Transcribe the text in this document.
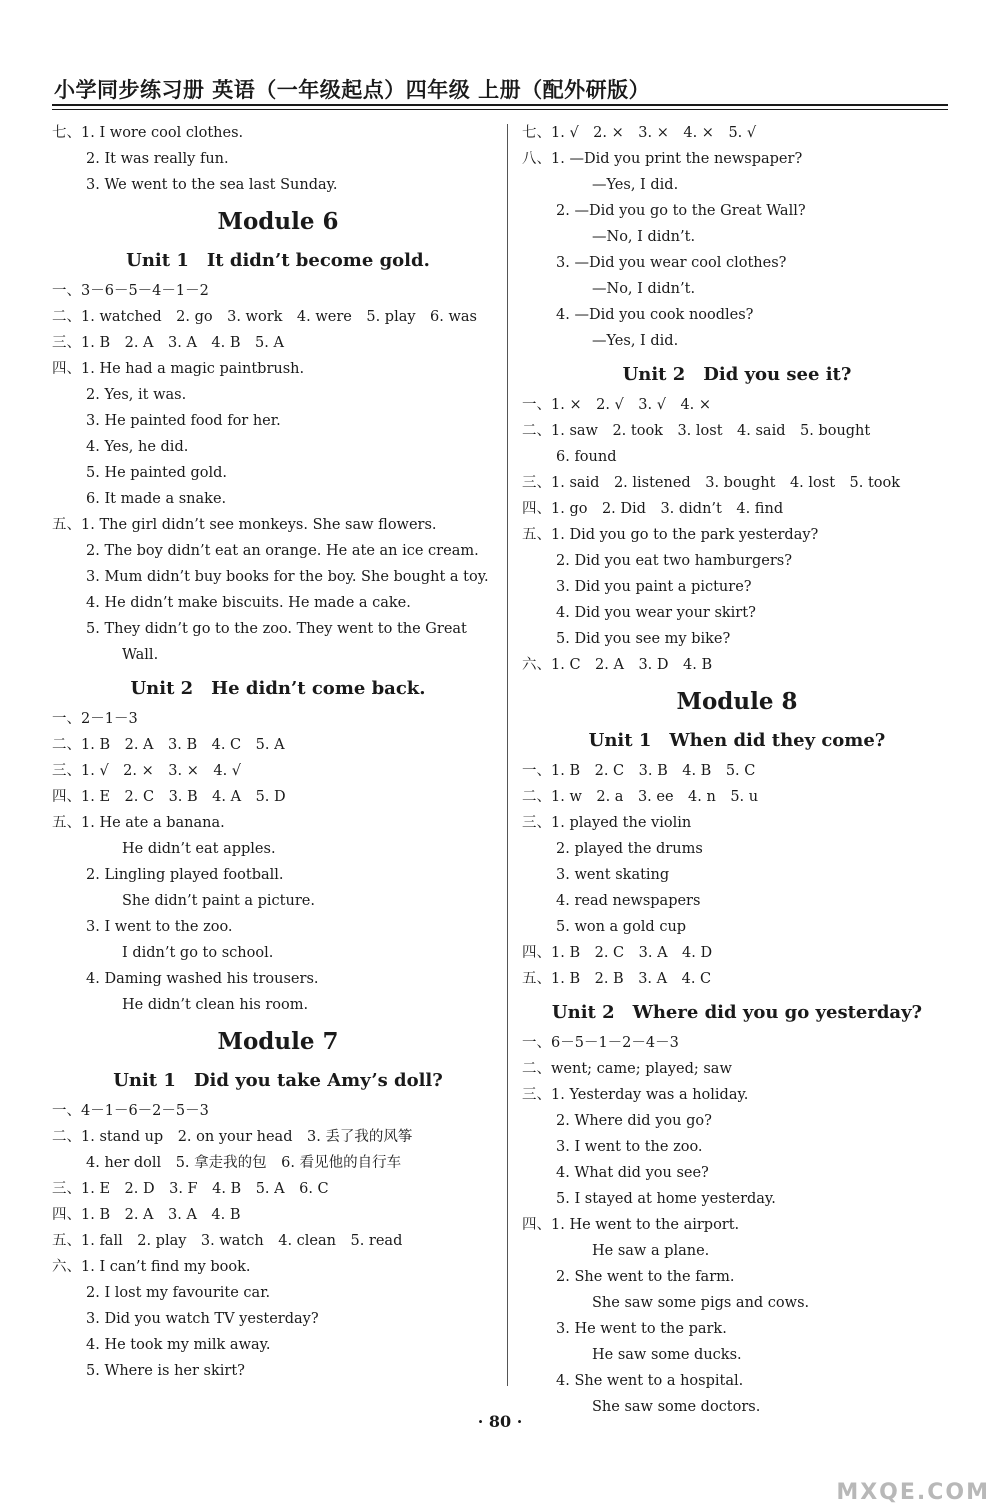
小学同步练习册 英语（一年级起点）四年级 上册（配外研版）
七、1. I wore cool clothes.
2. It was really fun.
3. We went to the sea last Sunday.
Module 6
Unit 1　It didn’t become gold.
一、3－6－5－4－1－2
二、1. watched　2. go　3. work　4. were　5. play　6. was
三、1. B　2. A　3. A　4. B　5. A
四、1. He had a magic paintbrush.
2. Yes, it was.
3. He painted food for her.
4. Yes, he did.
5. He painted gold.
6. It made a snake.
五、1. The girl didn’t see monkeys. She saw flowers.
2. The boy didn’t eat an orange. He ate an ice cream.
3. Mum didn’t buy books for the boy. She bought a toy.
4. He didn’t make biscuits. He made a cake.
5. They didn’t go to the zoo. They went to the Great
Wall.
Unit 2　He didn’t come back.
一、2－1－3
二、1. B　2. A　3. B　4. C　5. A
三、1. √　2. ×　3. ×　4. √
四、1. E　2. C　3. B　4. A　5. D
五、1. He ate a banana.
He didn’t eat apples.
2. Lingling played football.
She didn’t paint a picture.
3. I went to the zoo.
I didn’t go to school.
4. Daming washed his trousers.
He didn’t clean his room.
Module 7
Unit 1　Did you take Amy’s doll?
一、4－1－6－2－5－3
二、1. stand up　2. on your head　3. 丢了我的风筝
4. her doll　5. 拿走我的包　6. 看见他的自行车
三、1. E　2. D　3. F　4. B　5. A　6. C
四、1. B　2. A　3. A　4. B
五、1. fall　2. play　3. watch　4. clean　5. read
六、1. I can’t find my book.
2. I lost my favourite car.
3. Did you watch TV yesterday?
4. He took my milk away.
5. Where is her skirt?
七、1. √　2. ×　3. ×　4. ×　5. √
八、1. —Did you print the newspaper?
—Yes, I did.
2. —Did you go to the Great Wall?
—No, I didn’t.
3. —Did you wear cool clothes?
—No, I didn’t.
4. —Did you cook noodles?
—Yes, I did.
Unit 2　Did you see it?
一、1. ×　2. √　3. √　4. ×
二、1. saw　2. took　3. lost　4. said　5. bought
6. found
三、1. said　2. listened　3. bought　4. lost　5. took
四、1. go　2. Did　3. didn’t　4. find
五、1. Did you go to the park yesterday?
2. Did you eat two hamburgers?
3. Did you paint a picture?
4. Did you wear your skirt?
5. Did you see my bike?
六、1. C　2. A　3. D　4. B
Module 8
Unit 1　When did they come?
一、1. B　2. C　3. B　4. B　5. C
二、1. w　2. a　3. ee　4. n　5. u
三、1. played the violin
2. played the drums
3. went skating
4. read newspapers
5. won a gold cup
四、1. B　2. C　3. A　4. D
五、1. B　2. B　3. A　4. C
Unit 2　Where did you go yesterday?
一、6－5－1－2－4－3
二、went; came; played; saw
三、1. Yesterday was a holiday.
2. Where did you go?
3. I went to the zoo.
4. What did you see?
5. I stayed at home yesterday.
四、1. He went to the airport.
He saw a plane.
2. She went to the farm.
She saw some pigs and cows.
3. He went to the park.
He saw some ducks.
4. She went to a hospital.
She saw some doctors.
· 80 ·
MXQE.COM
